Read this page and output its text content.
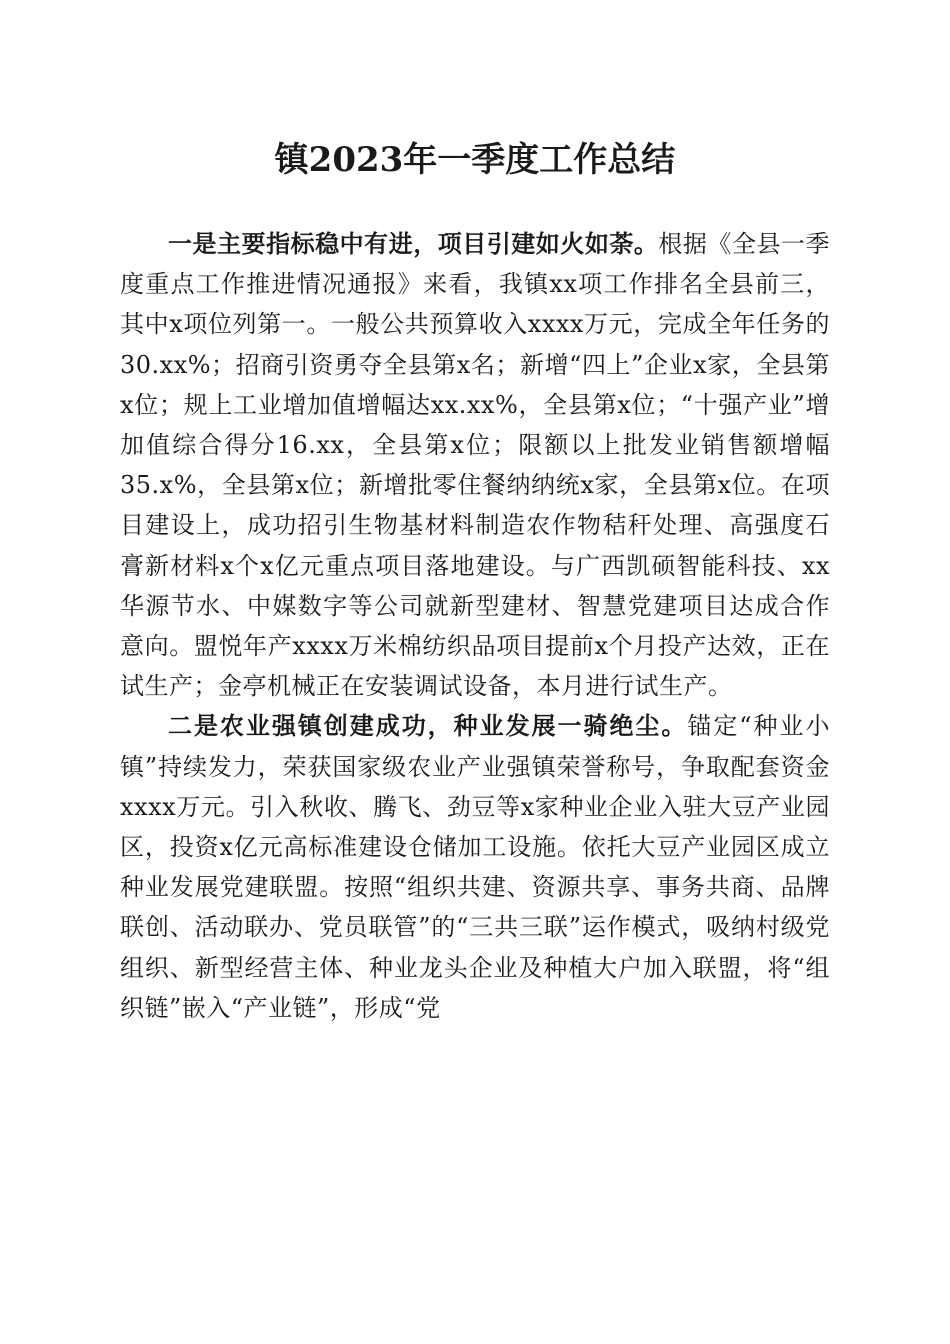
镇2023年一季度工作总结

一是主要指标稳中有进，项目引建如火如荼。根据《全县一季度重点工作推进情况通报》来看，我镇xx项工作排名全县前三，其中x项位列第一。一般公共预算收入xxxx万元，完成全年任务的30.xx%；招商引资勇夺全县第x名；新增“四上”企业x家，全县第x位；规上工业增加值增幅达xx.xx%，全县第x位；“十强产业”增加值综合得分16.xx，全县第x位；限额以上批发业销售额增幅35.x%，全县第x位；新增批零住餐纳纳统x家，全县第x位。在项目建设上，成功招引生物基材料制造农作物秸秆处理、高强度石膏新材料x个x亿元重点项目落地建设。与广西凯硕智能科技、xx华源节水、中媒数字等公司就新型建材、智慧党建项目达成合作意向。盟悦年产xxxx万米棉纺织品项目提前x个月投产达效，正在试生产；金亭机械正在安装调试设备，本月进行试生产。

二是农业强镇创建成功，种业发展一骑绝尘。锚定“种业小镇”持续发力，荣获国家级农业产业强镇荣誉称号，争取配套资金xxxx万元。引入秋收、腾飞、劲豆等x家种业企业入驻大豆产业园区，投资x亿元高标准建设仓储加工设施。依托大豆产业园区成立种业发展党建联盟。按照“组织共建、资源共享、事务共商、品牌联创、活动联办、党员联管”的“三共三联”运作模式，吸纳村级党组织、新型经营主体、种业龙头企业及种植大户加入联盟，将“组织链”嵌入“产业链”，形成“党
